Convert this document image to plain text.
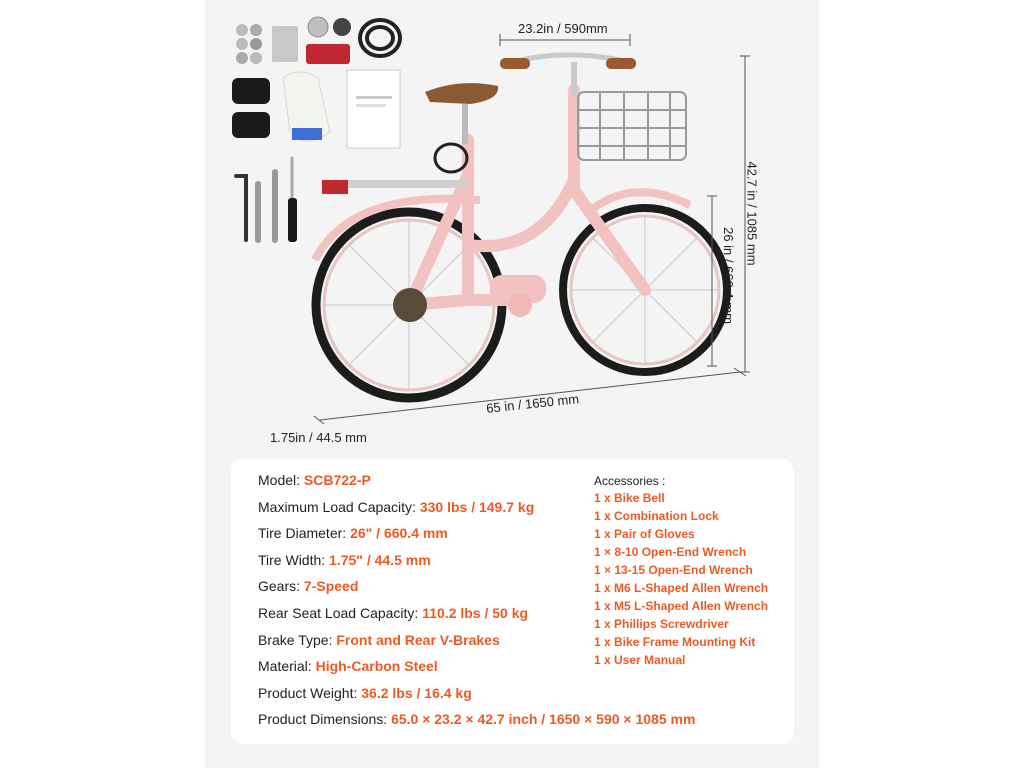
23.2in / 590mm
42.7 in / 1085 mm
26 in / 660.4 mm
65 in / 1650 mm
1.75in / 44.5 mm
Model: SCB722-P
Maximum Load Capacity: 330 lbs / 149.7 kg
Tire Diameter: 26" / 660.4 mm
Tire Width: 1.75" / 44.5 mm
Gears: 7-Speed
Rear Seat Load Capacity: 110.2 lbs / 50 kg
Brake Type: Front and Rear V-Brakes
Material: High-Carbon Steel
Product Weight: 36.2 lbs / 16.4 kg
Product Dimensions: 65.0 × 23.2 × 42.7 inch / 1650 × 590 × 1085 mm
Accessories :
1 x Bike Bell
1 x Combination Lock
1 x Pair of Gloves
1 × 8-10 Open-End Wrench
1 × 13-15 Open-End Wrench
1 x M6 L-Shaped Allen Wrench
1 x M5 L-Shaped Allen Wrench
1 x Phillips Screwdriver
1 x Bike Frame Mounting Kit
1 x User Manual
